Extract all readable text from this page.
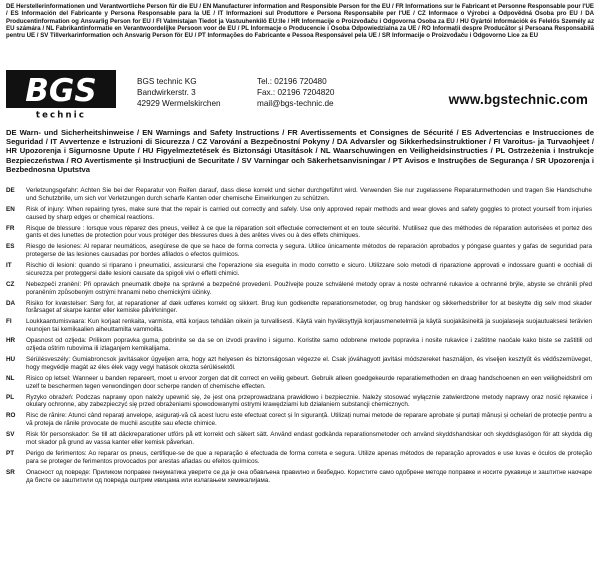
DE Herstellerinformationen und Verantwortliche Person für die EU / EN Manufacturer information and Responsible Person for the EU / FR Informations sur le Fabricant et Personne Responsable pour l'UE / ES Información del Fabricante y Persona Responsable para la UE / IT Informazioni sul Produttore e Persona Responsabile per l'UE / CZ Informace o Výrobci a Odpovědná Osoba pro EU / DA Producentinformation og Ansvarlig Person for EU / FI Valmistajan Tiedot ja Vastuuhenkilö EU:lle / HR Informacije o Proizvođaču i Odgovorna Osoba za EU / HU Gyártói Információk és Felelős Személy az EU számára / NL Fabrikantinformatie en Verantwoordelijke Persoon voor de EU / PL Informacje o Producencie i Osoba Odpowiedzialna za UE / RO Informații despre Producător și Persoana Responsabilă pentru UE / SV Tillverkarinformation och Ansvarig Person för EU / PT Informações do Fabricante e Pessoa Responsável pela UE / SR Informacije o Proizvođaču i Odgovorno Lice za EU
BGS
technic
BGS technic KG
Bandwirkerstr. 3
42929 Wermelskirchen
Tel.: 02196 720480
Fax.: 02196 7204820
mail@bgs-technic.de	www.bgstechnic.com
DE Warn- und Sicherheitshinweise / EN Warnings and Safety Instructions / FR Avertissements et Consignes de Sécurité / ES Advertencias e Instrucciones de Seguridad / IT Avvertenze e Istruzioni di Sicurezza / CZ Varování a Bezpečnostní Pokyny / DA Advarsler og Sikkerhedsinstruktioner / FI Varoitus- ja Turvaohjeet / HR Upozorenja i Sigurnosne Upute / HU Figyelmeztetések és Biztonsági Utasítások / NL Waarschuwingen en Veiligheidsinstructies / PL Ostrzeżenia i Instrukcje Bezpieczeństwa / RO Avertismente și Instrucțiuni de Securitate / SV Varningar och Säkerhetsanvisningar / PT Avisos e Instruções de Segurança / SR Upozorenja i Bezbednosna Uputstva
DE	Verletzungsgefahr: Achten Sie bei der Reparatur von Reifen darauf, dass diese korrekt und sicher durchgeführt wird. Verwenden Sie nur zugelassene Reparaturmethoden und tragen Sie Handschuhe und Schutzbrille, um sich vor Verletzungen durch scharfe Kanten oder chemische Einwirkungen zu schützen.
EN	Risk of injury: When repairing tyres, make sure that the repair is carried out correctly and safely. Use only approved repair methods and wear gloves and safety goggles to protect yourself from injuries caused by sharp edges or chemical reactions.
FR	Risque de blessure : lorsque vous réparez des pneus, veillez à ce que la réparation soit effectuée correctement et en toute sécurité. N'utilisez que des méthodes de réparation autorisées et portez des gants et des lunettes de protection pour vous protéger des blessures dues à des arêtes vives ou à des effets chimiques.
ES	Riesgo de lesiones: Al reparar neumáticos, asegúrese de que se hace de forma correcta y segura. Utilice únicamente métodos de reparación aprobados y póngase guantes y gafas de seguridad para protegerse de las lesiones causadas por bordes afilados o efectos químicos.
IT	Rischio di lesioni: quando si riparano i pneumatici, assicurarsi che l'operazione sia eseguita in modo corretto e sicuro. Utilizzare solo metodi di riparazione approvati e indossare guanti e occhiali di sicurezza per proteggersi dalle lesioni causate da spigoli vivi o effetti chimici.
CZ	Nebezpečí zranění: Při opravách pneumatik dbejte na správné a bezpečné provedení. Používejte pouze schválené metody oprav a noste ochranné rukavice a ochranné brýle, abyste se chránili před poraněním způsobeným ostrými hranami nebo chemickými účinky.
DA	Risiko for kvæstelser: Sørg for, at reparationer af dæk udføres korrekt og sikkert. Brug kun godkendte reparationsmetoder, og brug handsker og sikkerhedsbriller for at beskytte dig selv mod skader forårsaget af skarpe kanter eller kemiske påvirkninger.
FI	Loukkaantumisvaara: Kun korjaat renkaita, varmista, että korjaus tehdään oikein ja turvallisesti. Käytä vain hyväksyttyjä korjausmenetelmiä ja käytä suojakäsineitä ja suojalaseja suojautuaksesi terävien reunojen tai kemikaalien aiheuttamilta vammoilta.
HR	Opasnost od ozljeda: Prilikom popravka guma, pobrinite se da se on izvodi pravilno i sigurno. Koristite samo odobrene metode popravka i nosite rukavice i zaštitne naočale kako biste se zaštitili od ozljeda oštrim rubovima ili izlaganjem kemikalijama.
HU	Sérülésveszély: Gumiabroncsok javításakor ügyeljen arra, hogy azt helyesen és biztonságosan végezze el. Csak jóváhagyott javítási módszereket használjon, és viseljen kesztyűt és védőszemüveget, hogy megvédje magát az éles élek vagy vegyi hatások okozta sérülésektől.
NL	Risico op letsel: Wanneer u banden repareert, moet u ervoor zorgen dat dit correct en veilig gebeurt. Gebruik alleen goedgekeurde reparatiemethoden en draag handschoenen en een veiligheidsbril om uzelf te beschermen tegen verwondingen door scherpe randen of chemische effecten.
PL	Ryzyko obrażeń: Podczas naprawy opon należy upewnić się, że jest ona przeprowadzana prawidłowo i bezpiecznie. Należy stosować wyłącznie zatwierdzone metody naprawy oraz nosić rękawice i okulary ochronne, aby zabezpieczyć się przed obrażeniami spowodowanymi ostrymi krawędziami lub działaniem substancji chemicznych.
RO	Risc de rănire: Atunci când reparați anvelope, asigurați-vă că acest lucru este efectuat corect și în siguranță. Utilizați numai metode de reparare aprobate și purtați mănuși și ochelari de protecție pentru a vă proteja de rănile provocate de muchii ascuțite sau efecte chimice.
SV	Risk för personskador: Se till att däckreparationer utförs på ett korrekt och säkert sätt. Använd endast godkända reparationsmetoder och använd skyddshandskar och skyddsglasögon för att skydda dig mot skador på grund av vassa kanter eller kemisk påverkan.
PT	Perigo de ferimentos: Ao reparar os pneus, certifique-se de que a reparação é efectuada de forma correta e segura. Utilize apenas métodos de reparação aprovados e use luvas e óculos de proteção para se proteger de ferimentos provocados por arestas afiadas ou efeitos químicos.
SR	Опасност од повреде: Приликом поправке пнеуматика уверите се да је она обављена правилно и безбедно. Користите само одобрене методе поправке и носите рукавице и заштитне наочаре да бисте се заштитили од повреда оштрим ивицама или излагањем хемикалијама.
